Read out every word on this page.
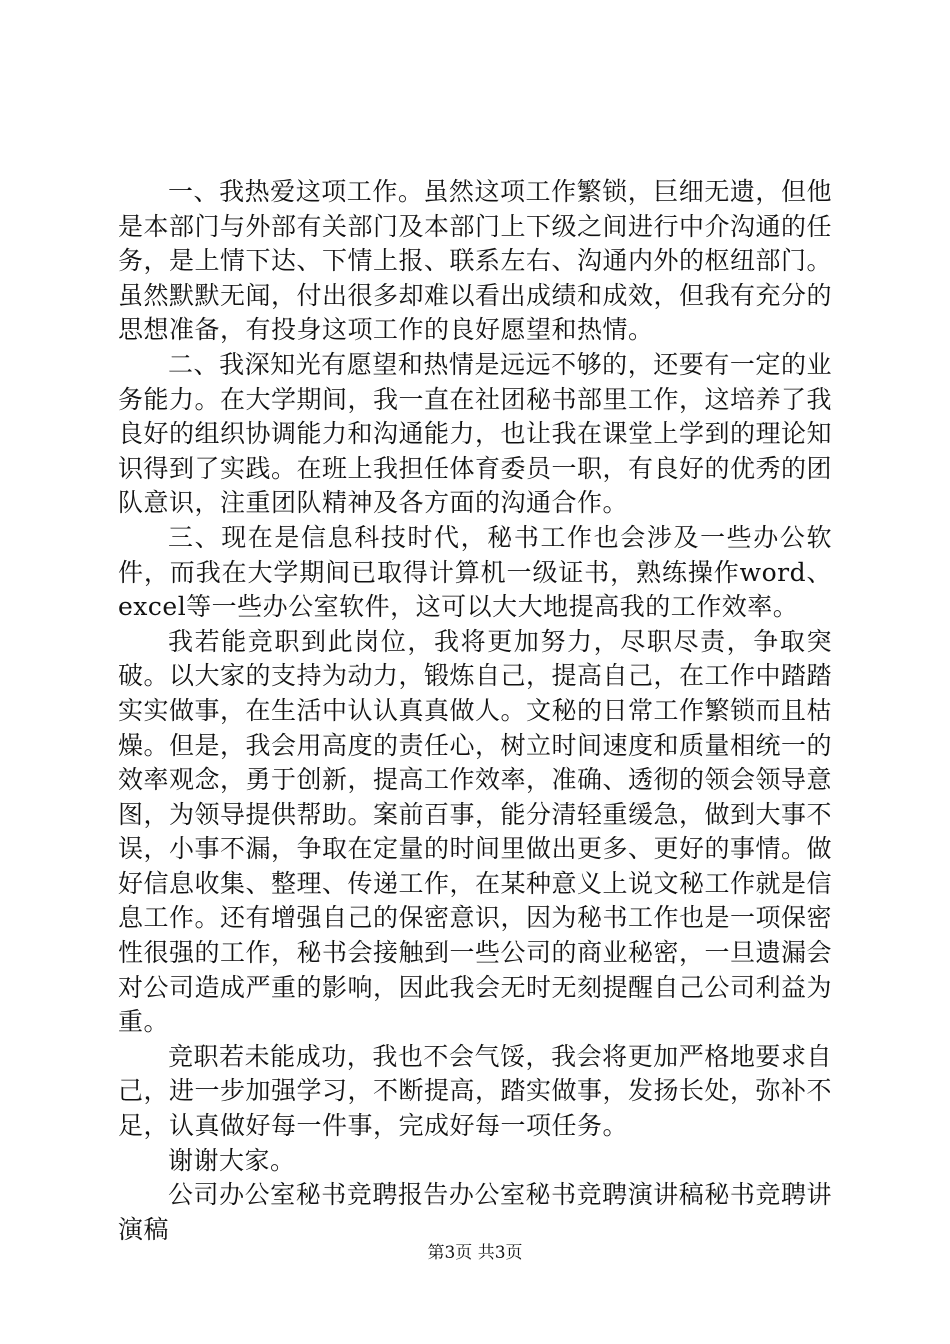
一、我热爱这项工作。虽然这项工作繁锁，巨细无遗，但他是本部门与外部有关部门及本部门上下级之间进行中介沟通的任务，是上情下达、下情上报、联系左右、沟通内外的枢纽部门。虽然默默无闻，付出很多却难以看出成绩和成效，但我有充分的思想准备，有投身这项工作的良好愿望和热情。

二、我深知光有愿望和热情是远远不够的，还要有一定的业务能力。在大学期间，我一直在社团秘书部里工作，这培养了我良好的组织协调能力和沟通能力，也让我在课堂上学到的理论知识得到了实践。在班上我担任体育委员一职，有良好的优秀的团队意识，注重团队精神及各方面的沟通合作。

三、现在是信息科技时代，秘书工作也会涉及一些办公软件，而我在大学期间已取得计算机一级证书，熟练操作word、excel等一些办公室软件，这可以大大地提高我的工作效率。

我若能竞职到此岗位，我将更加努力，尽职尽责，争取突破。以大家的支持为动力，锻炼自己，提高自己，在工作中踏踏实实做事，在生活中认认真真做人。文秘的日常工作繁锁而且枯燥。但是，我会用高度的责任心，树立时间速度和质量相统一的效率观念，勇于创新，提高工作效率，准确、透彻的领会领导意图，为领导提供帮助。案前百事，能分清轻重缓急，做到大事不误，小事不漏，争取在定量的时间里做出更多、更好的事情。做好信息收集、整理、传递工作，在某种意义上说文秘工作就是信息工作。还有增强自己的保密意识，因为秘书工作也是一项保密性很强的工作，秘书会接触到一些公司的商业秘密，一旦遗漏会对公司造成严重的影响，因此我会无时无刻提醒自己公司利益为重。

竞职若未能成功，我也不会气馁，我会将更加严格地要求自己，进一步加强学习，不断提高，踏实做事，发扬长处，弥补不足，认真做好每一件事，完成好每一项任务。

谢谢大家。

公司办公室秘书竞聘报告办公室秘书竞聘演讲稿秘书竞聘讲演稿

第3页 共3页
